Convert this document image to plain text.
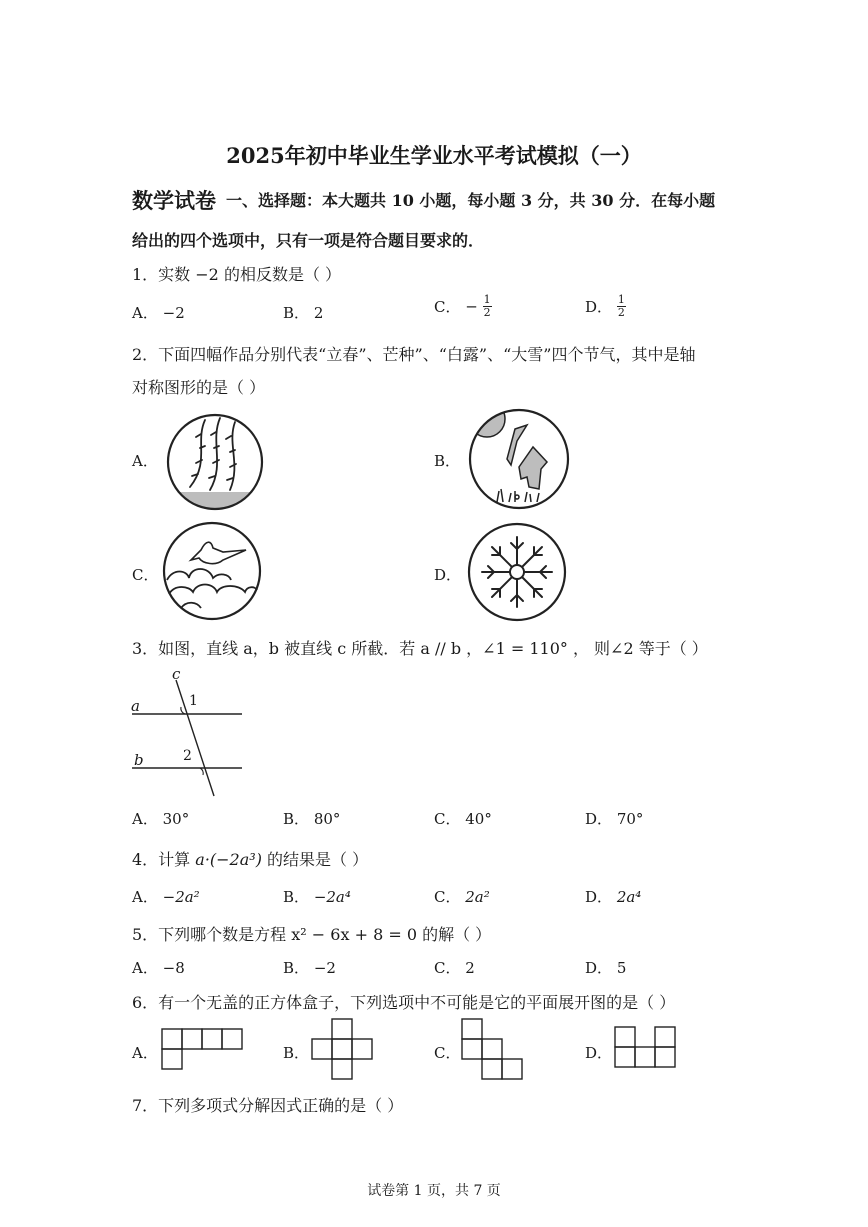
2025年初中毕业生学业水平考试模拟（一）
数学试卷 一、选择题：本大题共 10 小题，每小题 3 分，共 30 分．在每小题
给出的四个选项中，只有一项是符合题目要求的．
1．实数 −2 的相反数是（ ）
A． −2	B． 2	C． − $\frac{1}{2}$	D． $\frac{1}{2}$
2．下面四幅作品分别代表“立春”、芒种”、“白露”、“大雪”四个节气，其中是轴
对称图形的是（ ）
A．	B．
C．	D．
3．如图，直线 a，b 被直线 c 所截．若 a // b ，∠1 = 110° ， 则∠2 等于（ ）
c
a
b
1
2
A． 30°	B． 80°	C． 40°	D． 70°
4．计算 a·(−2a³) 的结果是（ ）
A． −2a²	B． −2a⁴	C． 2a²	D． 2a⁴
5．下列哪个数是方程 x² − 6x + 8 = 0 的解（ ）
A． −8	B． −2	C． 2	D． 5
6．有一个无盖的正方体盒子，下列选项中不可能是它的平面展开图的是（ ）
A．	B．	C．	D．
7．下列多项式分解因式正确的是（ ）
试卷第 1 页，共 7 页
